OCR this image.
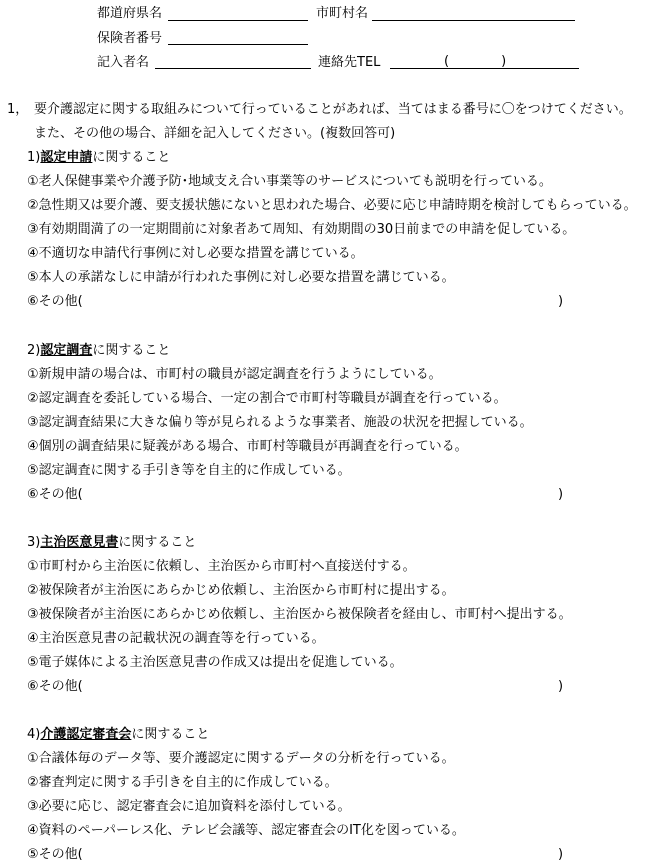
都道府県名	市町村名
保険者番号
記入者名	連絡先TEL	(　　　　)
1， 要介護認定に関する取組みについて行っていることがあれば、当てはまる番号に〇をつけてください。
また、その他の場合、詳細を記入してください。(複数回答可)
1)認定申請に関すること
①老人保健事業や介護予防･地域支え合い事業等のサービスについても説明を行っている。
②急性期又は要介護、要支援状態にないと思われた場合、必要に応じ申請時期を検討してもらっている。
③有効期間満了の一定期間前に対象者あて周知、有効期間の30日前までの申請を促している。
④不適切な申請代行事例に対し必要な措置を講じている。
⑤本人の承諾なしに申請が行われた事例に対し必要な措置を講じている。
⑥その他(	)
2)認定調査に関すること
①新規申請の場合は、市町村の職員が認定調査を行うようにしている。
②認定調査を委託している場合、一定の割合で市町村等職員が調査を行っている。
③認定調査結果に大きな偏り等が見られるような事業者、施設の状況を把握している。
④個別の調査結果に疑義がある場合、市町村等職員が再調査を行っている。
⑤認定調査に関する手引き等を自主的に作成している。
⑥その他(	)
3)主治医意見書に関すること
①市町村から主治医に依頼し、主治医から市町村へ直接送付する。
②被保険者が主治医にあらかじめ依頼し、主治医から市町村に提出する。
③被保険者が主治医にあらかじめ依頼し、主治医から被保険者を経由し、市町村へ提出する。
④主治医意見書の記載状況の調査等を行っている。
⑤電子媒体による主治医意見書の作成又は提出を促進している。
⑥その他(	)
4)介護認定審査会に関すること
①合議体毎のデータ等、要介護認定に関するデータの分析を行っている。
②審査判定に関する手引きを自主的に作成している。
③必要に応じ、認定審査会に追加資料を添付している。
④資料のペーパーレス化、テレビ会議等、認定審査会のIT化を図っている。
⑤その他(	)
